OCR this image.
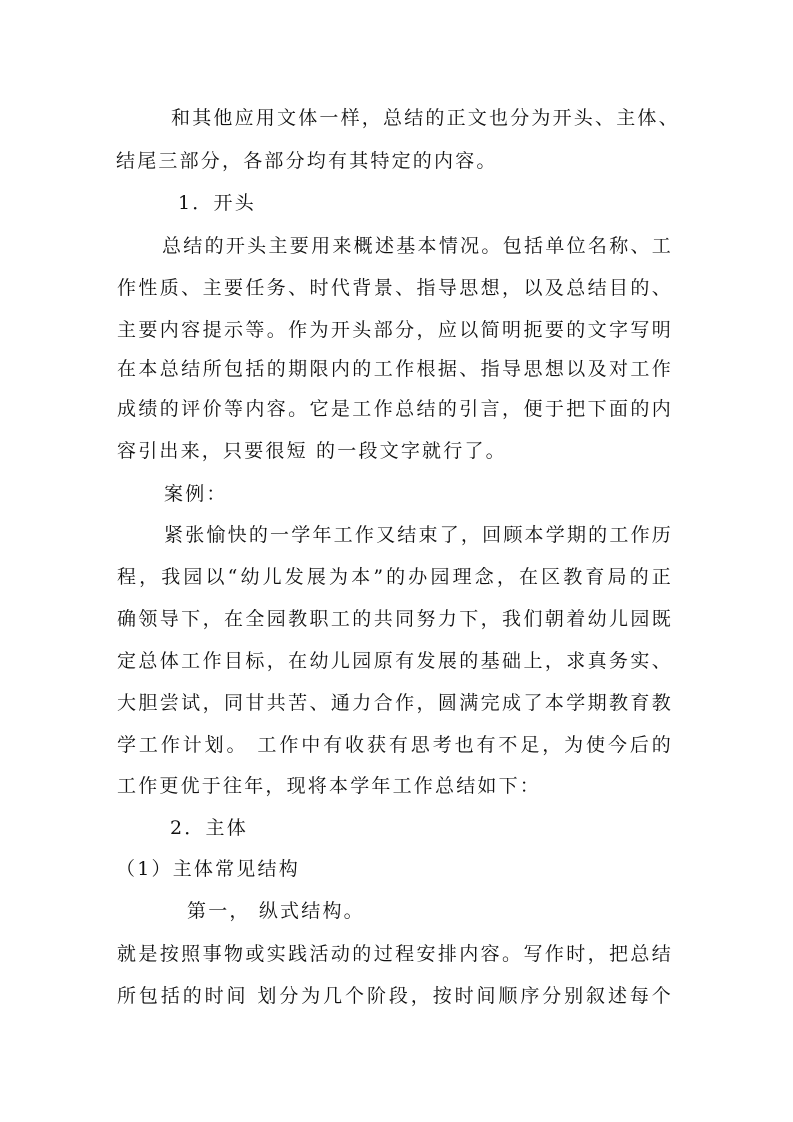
和其他应用文体一样，总结的正文也分为开头、主体、

结尾三部分，各部分均有其特定的内容。

1．开头

总结的开头主要用来概述基本情况。包括单位名称、工

作性质、主要任务、时代背景、指导思想，以及总结目的、

主要内容提示等。作为开头部分，应以简明扼要的文字写明

在本总结所包括的期限内的工作根据、指导思想以及对工作

成绩的评价等内容。它是工作总结的引言，便于把下面的内

容引出来，只要很短 的一段文字就行了。

案例：

紧张愉快的一学年工作又结束了，回顾本学期的工作历

程，我园以“幼儿发展为本”的办园理念，在区教育局的正

确领导下，在全园教职工的共同努力下，我们朝着幼儿园既

定总体工作目标，在幼儿园原有发展的基础上，求真务实、

大胆尝试，同甘共苦、通力合作，圆满完成了本学期教育教

学工作计划。 工作中有收获有思考也有不足，为使今后的

工作更优于往年，现将本学年工作总结如下：

2．主体

（1）主体常见结构

第一， 纵式结构。

就是按照事物或实践活动的过程安排内容。写作时，把总结

所包括的时间 划分为几个阶段，按时间顺序分别叙述每个
